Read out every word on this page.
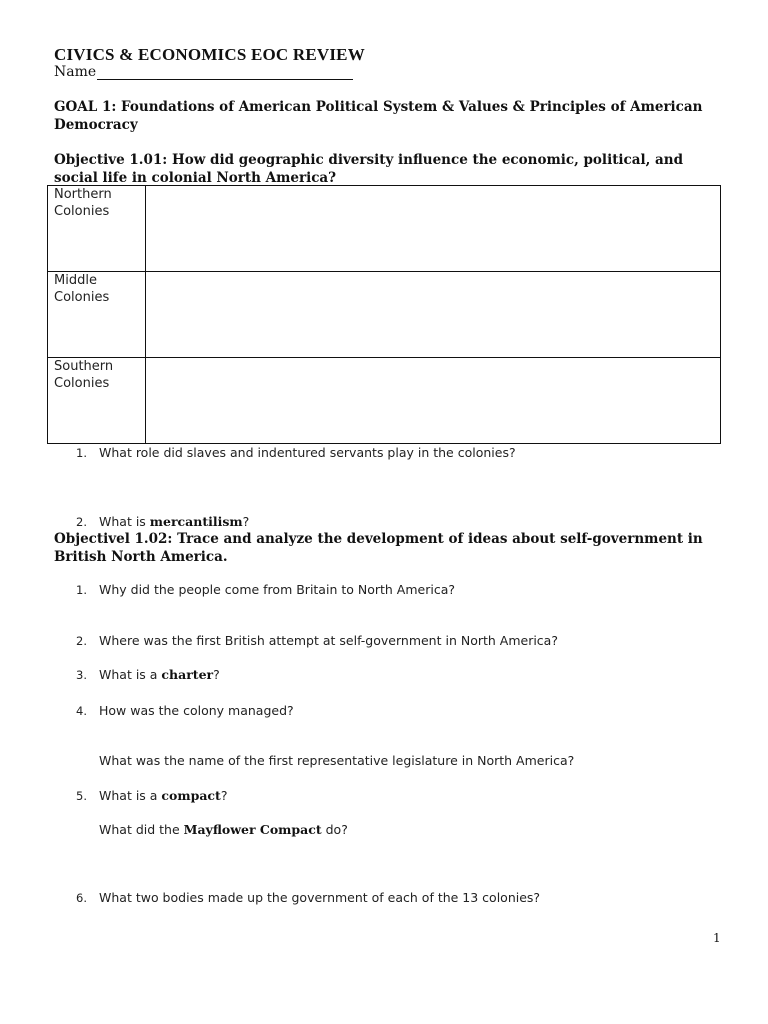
CIVICS & ECONOMICS EOC REVIEW
Name
GOAL 1: Foundations of American Political System & Values & Principles of American Democracy
Objective 1.01: How did geographic diversity influence the economic, political, and social life in colonial North America?
Northern
Colonies	
Middle
Colonies	
Southern
Colonies	
1. What role did slaves and indentured servants play in the colonies?
2. What is mercantilism?
Objectivel 1.02: Trace and analyze the development of ideas about self-government in British North America.
1. Why did the people come from Britain to North America?
2. Where was the first British attempt at self-government in North America?
3. What is a charter?
4. How was the colony managed?
What was the name of the first representative legislature in North America?
5. What is a compact?
What did the Mayflower Compact do?
6. What two bodies made up the government of each of the 13 colonies?
1
